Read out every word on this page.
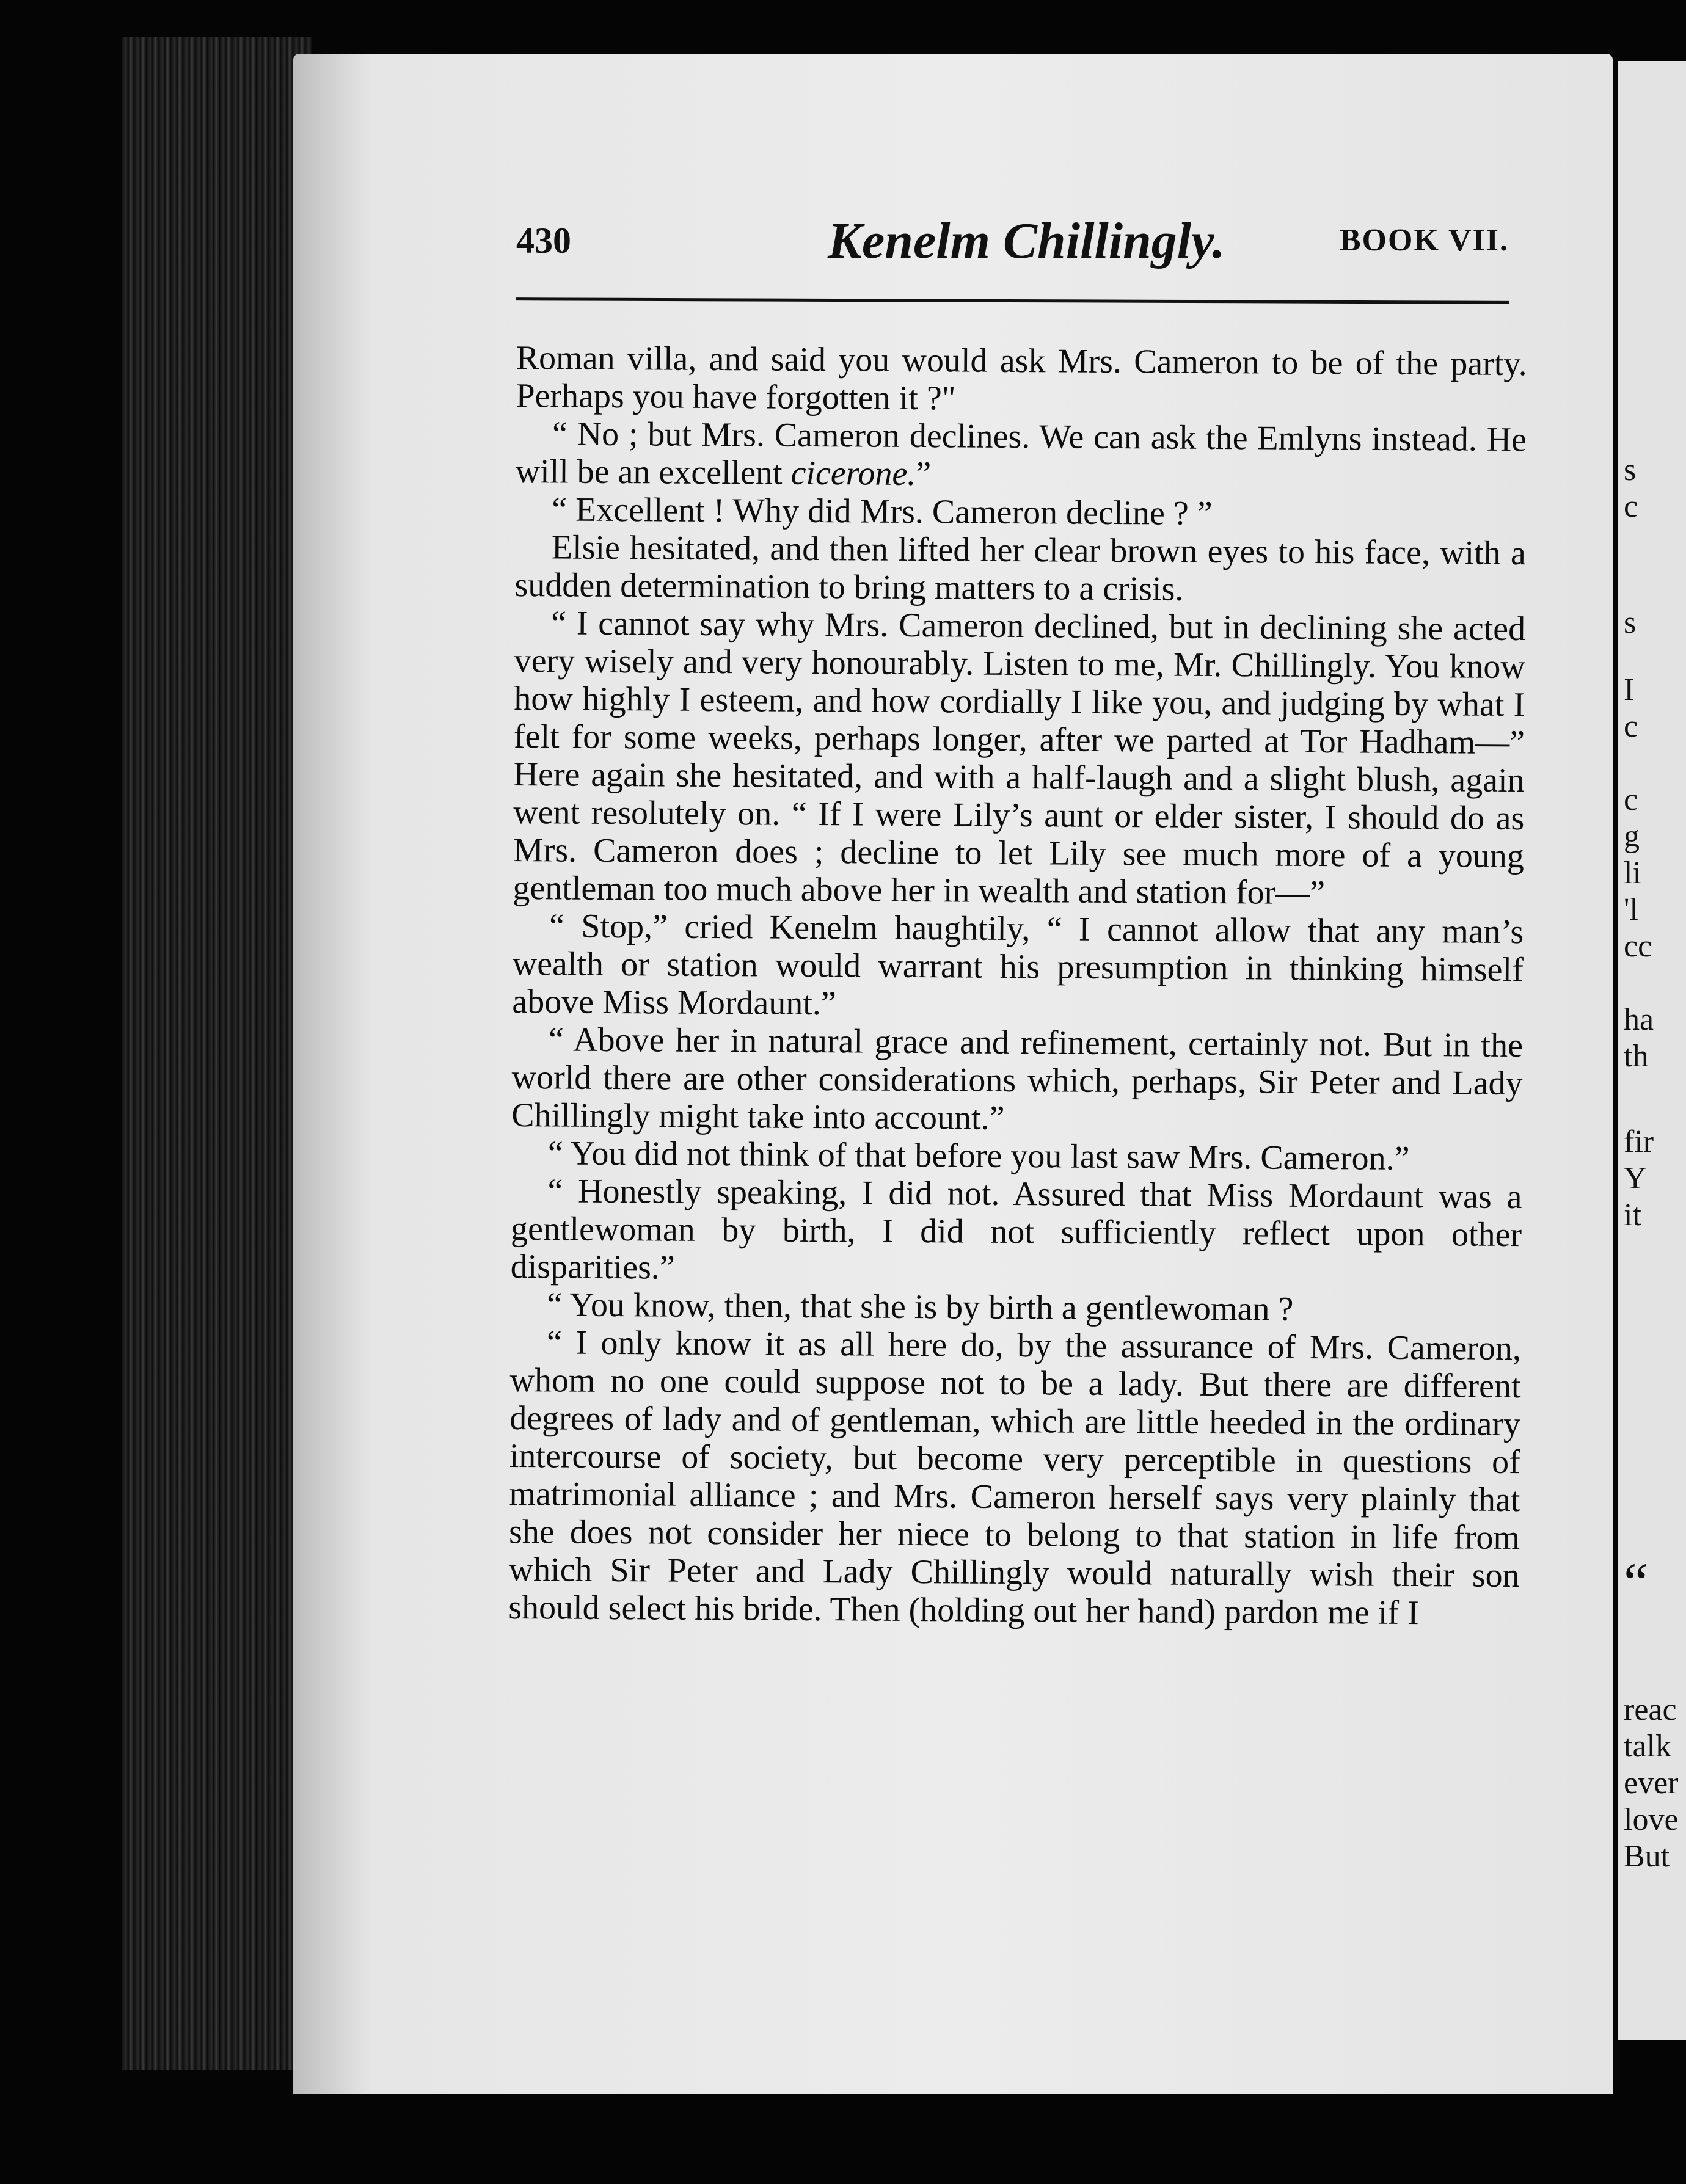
s
c
s
I
c
c
g
li
'l
cc
ha
th
fir
Y
it
“
reac
talk
ever
love
But
430	Kenelm Chillingly.	BOOK VII.

Roman villa, and said you would ask Mrs. Cameron to be of the party. Perhaps you have forgotten it ?"

“ No ; but Mrs. Cameron declines. We can ask the Emlyns instead. He will be an excellent cicerone.”

“ Excellent ! Why did Mrs. Cameron decline ? ”

Elsie hesitated, and then lifted her clear brown eyes to his face, with a sudden determination to bring matters to a crisis.

“ I cannot say why Mrs. Cameron declined, but in declining she acted very wisely and very honourably. Listen to me, Mr. Chillingly. You know how highly I esteem, and how cordially I like you, and judging by what I felt for some weeks, perhaps longer, after we parted at Tor Hadham—” Here again she hesitated, and with a half-laugh and a slight blush, again went resolutely on. “ If I were Lily’s aunt or elder sister, I should do as Mrs. Cameron does ; decline to let Lily see much more of a young gentleman too much above her in wealth and station for—”

“ Stop,” cried Kenelm haughtily, “ I cannot allow that any man’s wealth or station would warrant his presumption in thinking himself above Miss Mordaunt.”

“ Above her in natural grace and refinement, certainly not. But in the world there are other considerations which, perhaps, Sir Peter and Lady Chillingly might take into account.”

“ You did not think of that before you last saw Mrs. Cameron.”

“ Honestly speaking, I did not. Assured that Miss Mordaunt was a gentlewoman by birth, I did not sufficiently reflect upon other disparities.”

“ You know, then, that she is by birth a gentlewoman ?

“ I only know it as all here do, by the assurance of Mrs. Cameron, whom no one could suppose not to be a lady. But there are different degrees of lady and of gentleman, which are little heeded in the ordinary intercourse of society, but become very perceptible in questions of matrimonial alliance ; and Mrs. Cameron herself says very plainly that she does not consider her niece to belong to that station in life from which Sir Peter and Lady Chillingly would naturally wish their son should select his bride. Then (holding out her hand) pardon me if I
